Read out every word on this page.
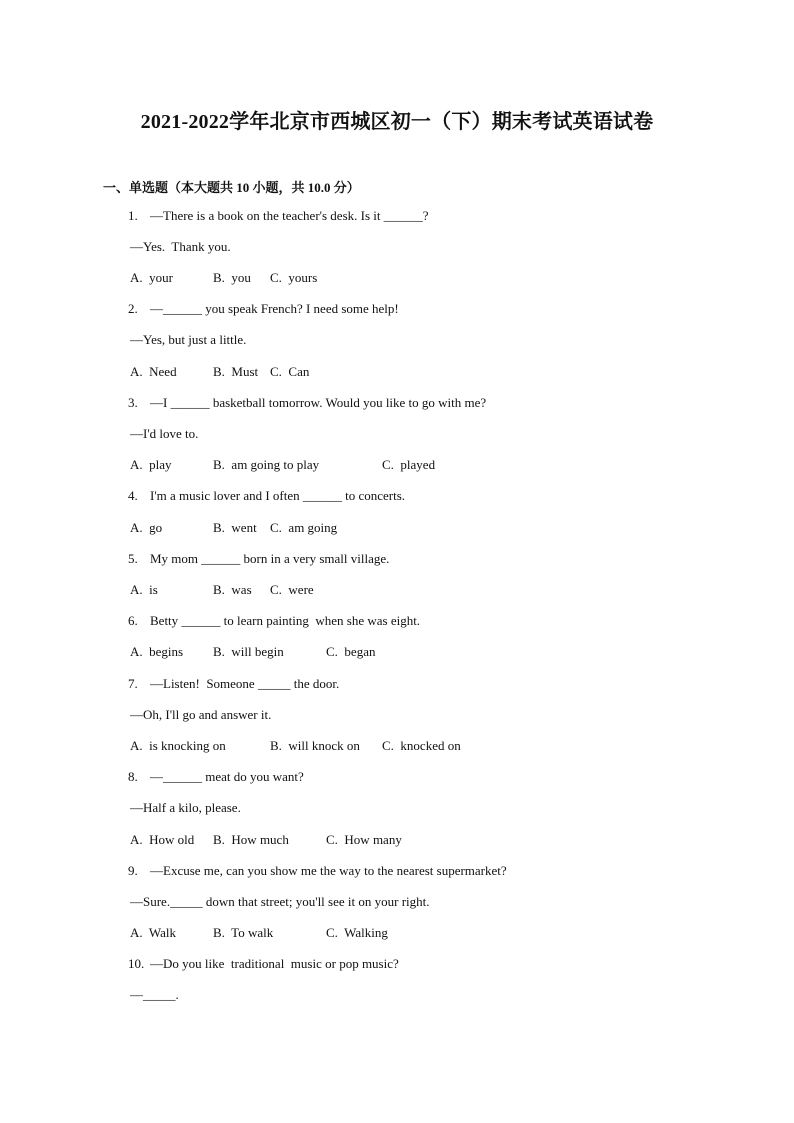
2021-2022学年北京市西城区初一（下）期末考试英语试卷
一、单选题（本大题共 10 小题，共 10.0 分）
1. —There is a book on the teacher's desk. Is it ______?
—Yes.  Thank you.
A.  your	B.  you C.  yours
2. —______ you speak French? I need some help!
—Yes, but just a little.
A.  Need	B.  Must C.  Can
3. —I ______ basketball tomorrow. Would you like to go with me?
—I'd love to.
A.  play	B.  am going to play	C.  played
4. I'm a music lover and I often ______ to concerts.
A.  go	B.  went C.  am going
5. My mom ______ born in a very small village.
A.  is	B.  was C.  were
6. Betty ______ to learn painting  when she was eight.
A.  begins B.  will begin	C.  began
7. —Listen!  Someone _____ the door.
—Oh, I'll go and answer it.
A.  is knocking on	B.  will knock on C.  knocked on
8. —______ meat do you want?
—Half a kilo, please.
A.  How old B.  How much	C.  How many
9. —Excuse me, can you show me the way to the nearest supermarket?
—Sure._____ down that street; you'll see it on your right.
A.  Walk	B.  To walk	C.  Walking
10. —Do you like  traditional  music or pop music?
—_____.
